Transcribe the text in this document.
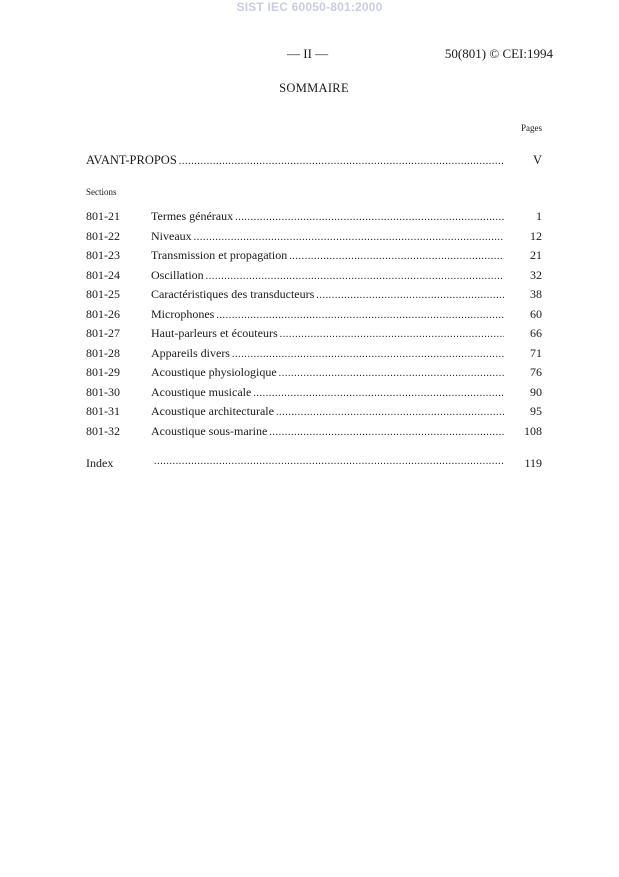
SIST IEC 60050-801:2000
— II —	50(801) © CEI:1994
SOMMAIRE
Pages
AVANT-PROPOS .....	V
Sections
801-21	Termes généraux .....	1
801-22	Niveaux .....	12
801-23	Transmission et propagation .....	21
801-24	Oscillation .....	32
801-25	Caractéristiques des transducteurs .....	38
801-26	Microphones .....	60
801-27	Haut-parleurs et écouteurs .....	66
801-28	Appareils divers .....	71
801-29	Acoustique physiologique .....	76
801-30	Acoustique musicale .....	90
801-31	Acoustique architecturale .....	95
801-32	Acoustique sous-marine .....	108
Index .....	119
